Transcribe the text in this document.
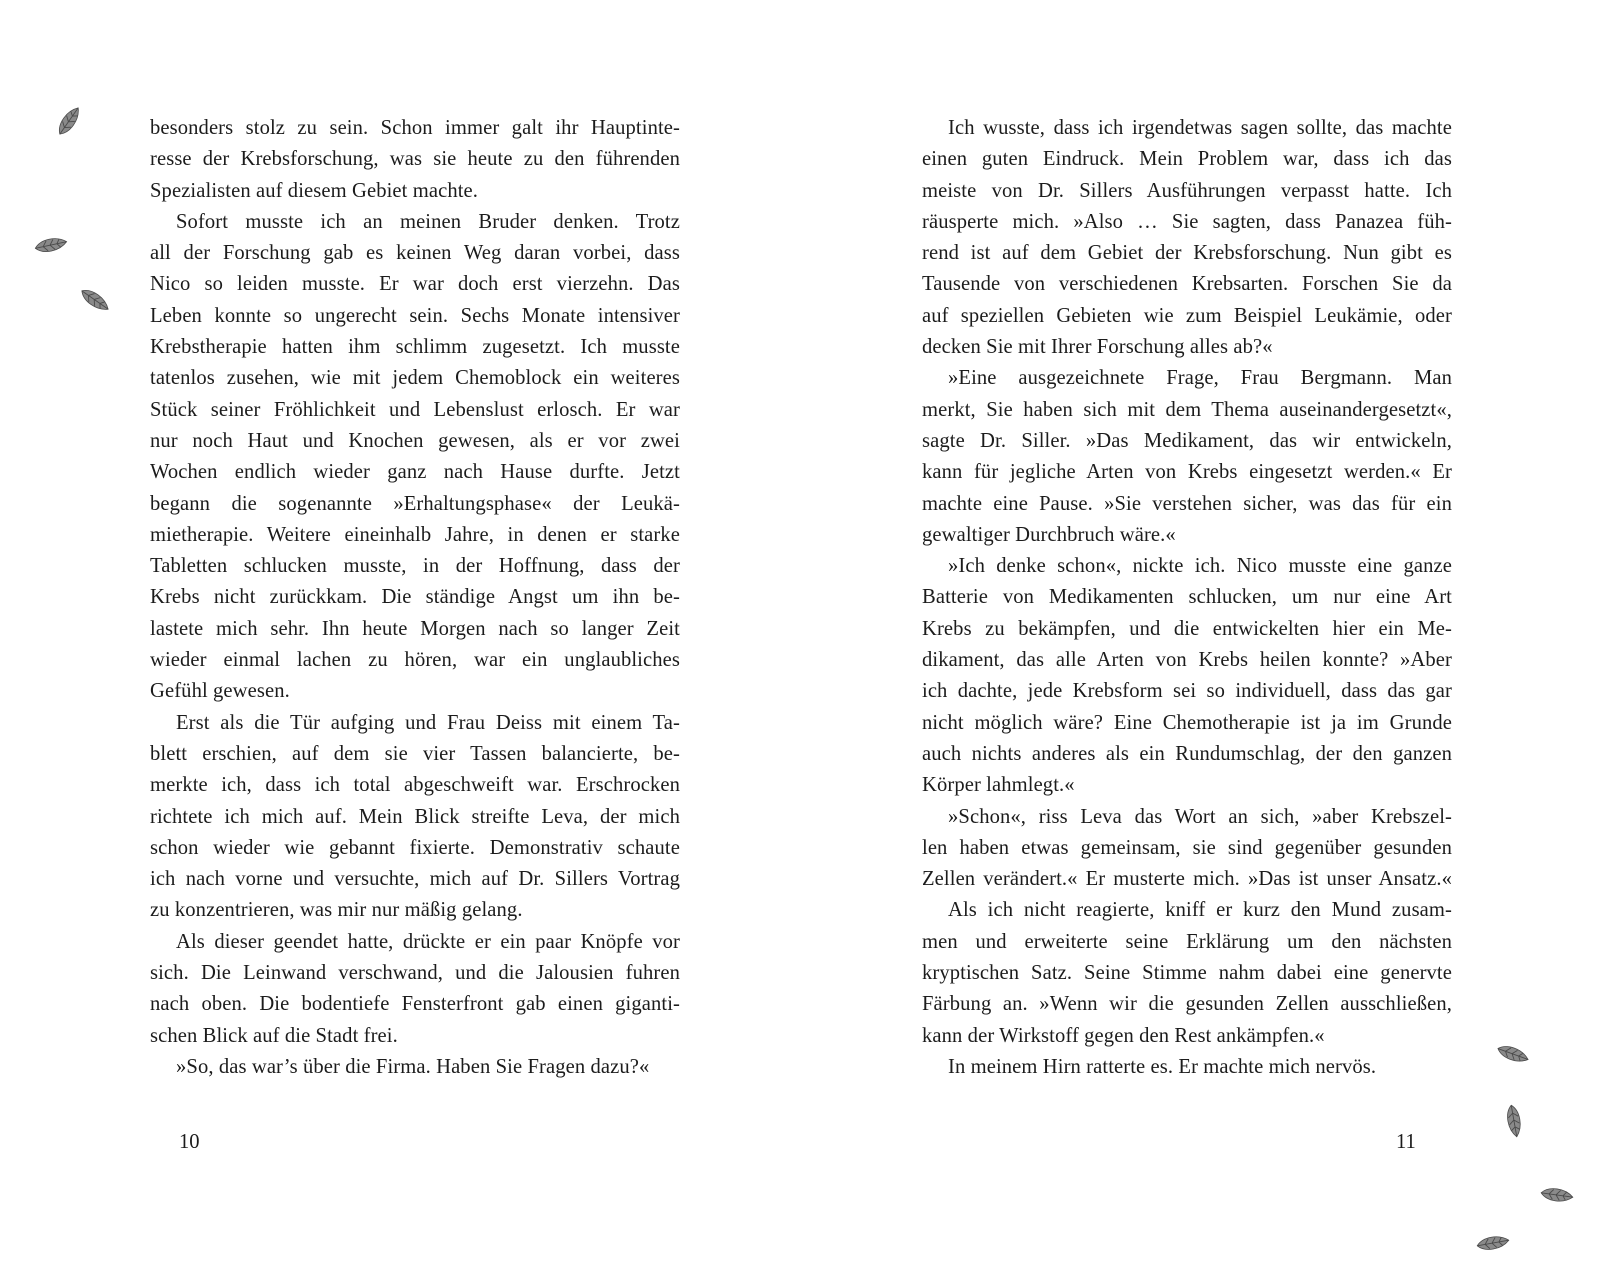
besonders stolz zu sein. Schon immer galt ihr Hauptinte-
resse der Krebsforschung, was sie heute zu den führenden
Spezialisten auf diesem Gebiet machte.
Sofort musste ich an meinen Bruder denken. Trotz
all der Forschung gab es keinen Weg daran vorbei, dass
Nico so leiden musste. Er war doch erst vierzehn. Das
Leben konnte so ungerecht sein. Sechs Monate intensiver
Krebstherapie hatten ihm schlimm zugesetzt. Ich musste
tatenlos zusehen, wie mit jedem Chemoblock ein weiteres
Stück seiner Fröhlichkeit und Lebenslust erlosch. Er war
nur noch Haut und Knochen gewesen, als er vor zwei
Wochen endlich wieder ganz nach Hause durfte. Jetzt
begann die sogenannte »Erhaltungsphase« der Leukä-
mietherapie. Weitere eineinhalb Jahre, in denen er starke
Tabletten schlucken musste, in der Hoffnung, dass der
Krebs nicht zurückkam. Die ständige Angst um ihn be-
lastete mich sehr. Ihn heute Morgen nach so langer Zeit
wieder einmal lachen zu hören, war ein unglaubliches
Gefühl gewesen.
Erst als die Tür aufging und Frau Deiss mit einem Ta-
blett erschien, auf dem sie vier Tassen balancierte, be-
merkte ich, dass ich total abgeschweift war. Erschrocken
richtete ich mich auf. Mein Blick streifte Leva, der mich
schon wieder wie gebannt fixierte. Demonstrativ schaute
ich nach vorne und versuchte, mich auf Dr. Sillers Vortrag
zu konzentrieren, was mir nur mäßig gelang.
Als dieser geendet hatte, drückte er ein paar Knöpfe vor
sich. Die Leinwand verschwand, und die Jalousien fuhren
nach oben. Die bodentiefe Fensterfront gab einen giganti-
schen Blick auf die Stadt frei.
»So, das war’s über die Firma. Haben Sie Fragen dazu?«
Ich wusste, dass ich irgendetwas sagen sollte, das machte
einen guten Eindruck. Mein Problem war, dass ich das
meiste von Dr. Sillers Ausführungen verpasst hatte. Ich
räusperte mich. »Also … Sie sagten, dass Panazea füh-
rend ist auf dem Gebiet der Krebsforschung. Nun gibt es
Tausende von verschiedenen Krebsarten. Forschen Sie da
auf speziellen Gebieten wie zum Beispiel Leukämie, oder
decken Sie mit Ihrer Forschung alles ab?«
»Eine ausgezeichnete Frage, Frau Bergmann. Man
merkt, Sie haben sich mit dem Thema auseinandergesetzt«,
sagte Dr. Siller. »Das Medikament, das wir entwickeln,
kann für jegliche Arten von Krebs eingesetzt werden.« Er
machte eine Pause. »Sie verstehen sicher, was das für ein
gewaltiger Durchbruch wäre.«
»Ich denke schon«, nickte ich. Nico musste eine ganze
Batterie von Medikamenten schlucken, um nur eine Art
Krebs zu bekämpfen, und die entwickelten hier ein Me-
dikament, das alle Arten von Krebs heilen konnte? »Aber
ich dachte, jede Krebsform sei so individuell, dass das gar
nicht möglich wäre? Eine Chemotherapie ist ja im Grunde
auch nichts anderes als ein Rundumschlag, der den ganzen
Körper lahmlegt.«
»Schon«, riss Leva das Wort an sich, »aber Krebszel-
len haben etwas gemeinsam, sie sind gegenüber gesunden
Zellen verändert.« Er musterte mich. »Das ist unser Ansatz.«
Als ich nicht reagierte, kniff er kurz den Mund zusam-
men und erweiterte seine Erklärung um den nächsten
kryptischen Satz. Seine Stimme nahm dabei eine genervte
Färbung an. »Wenn wir die gesunden Zellen ausschließen,
kann der Wirkstoff gegen den Rest ankämpfen.«
In meinem Hirn ratterte es. Er machte mich nervös.
10	11
